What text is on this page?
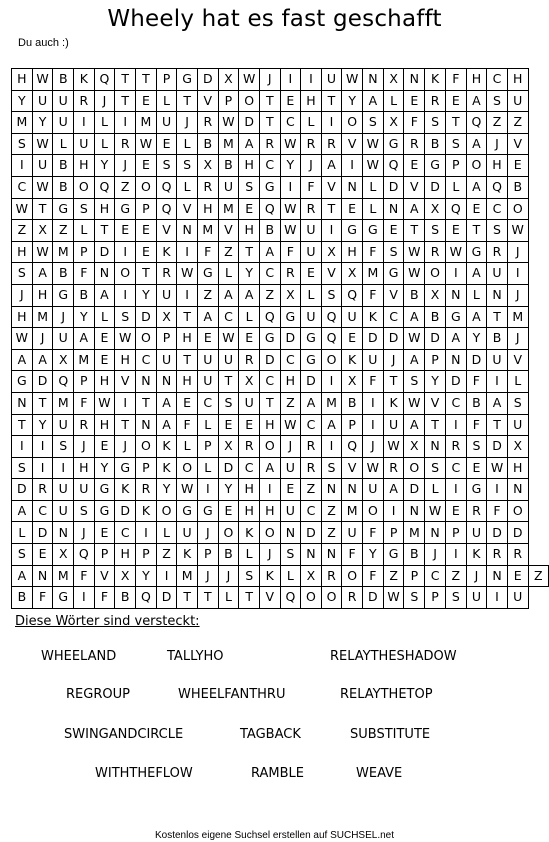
Wheely hat es fast geschafft
Du auch :)
H	W	B	K	Q	T	T	P	G	D	X	W	J	I	I	U	W	N	X	N	K	F	H	C	H	
Y	U	U	R	J	T	E	L	T	V	P	O	T	E	H	T	Y	A	L	E	R	E	A	S	U	
M	Y	U	I	L	I	M	U	J	R	W	D	T	C	L	I	O	S	X	F	S	T	Q	Z	Z	
S	W	L	U	L	R	W	E	L	B	M	A	R	W	R	R	V	W	G	R	B	S	A	J	V	
I	U	B	H	Y	J	E	S	S	X	B	H	C	Y	J	A	I	W	Q	E	G	P	O	H	E	
C	W	B	O	Q	Z	O	Q	L	R	U	S	G	I	F	V	N	L	D	V	D	L	A	Q	B	
W	T	G	S	H	G	P	Q	V	H	M	E	Q	W	R	T	E	L	N	A	X	Q	E	C	O	
Z	X	Z	L	T	E	E	V	N	M	V	H	B	W	U	I	G	G	E	T	S	E	T	S	W	
H	W	M	P	D	I	E	K	I	F	Z	T	A	F	U	X	H	F	S	W	R	W	G	R	J	
S	A	B	F	N	O	T	R	W	G	L	Y	C	R	E	V	X	M	G	W	O	I	A	U	I	
J	H	G	B	A	I	Y	U	I	Z	A	A	Z	X	L	S	Q	F	V	B	X	N	L	N	J	
H	M	J	Y	L	S	D	X	T	A	C	L	Q	G	U	Q	U	K	C	A	B	G	A	T	M	
W	J	U	A	E	W	O	P	H	E	W	E	G	D	G	Q	E	D	D	W	D	A	Y	B	J	
A	A	X	M	E	H	C	U	T	U	U	R	D	C	G	O	K	U	J	A	P	N	D	U	V	
G	D	Q	P	H	V	N	N	H	U	T	X	C	H	D	I	X	F	T	S	Y	D	F	I	L	
N	T	M	F	W	I	T	A	E	C	S	U	T	Z	A	M	B	I	K	W	V	C	B	A	S	
T	Y	U	R	H	T	N	A	F	L	E	E	H	W	C	A	P	I	U	A	T	I	F	T	U	
I	I	S	J	E	J	O	K	L	P	X	R	O	J	R	I	Q	J	W	X	N	R	S	D	X	
S	I	I	H	Y	G	P	K	O	L	D	C	A	U	R	S	V	W	R	O	S	C	E	W	H	
D	R	U	U	G	K	R	Y	W	I	Y	H	I	E	Z	N	N	U	A	D	L	I	G	I	N	
A	C	U	S	G	D	K	O	G	G	E	H	H	U	C	Z	M	O	I	N	W	E	R	F	O	
L	D	N	J	E	C	I	L	U	J	O	K	O	N	D	Z	U	F	P	M	N	P	U	D	D	
S	E	X	Q	P	H	P	Z	K	P	B	L	J	S	N	N	F	Y	G	B	J	I	K	R	R	
A	N	M	F	V	X	Y	I	M	J	J	S	K	L	X	R	O	F	Z	P	C	Z	J	N	E	Z
B	F	G	I	F	B	Q	D	T	T	L	T	V	Q	O	O	R	D	W	S	P	S	U	I	U	
Diese Wörter sind versteckt:
WHEELAND	TALLYHO	RELAYTHESHADOW
REGROUP	WHEELFANTHRU	RELAYTHETOP
SWINGANDCIRCLE	TAGBACK	SUBSTITUTE
WITHTHEFLOW	RAMBLE	WEAVE
Kostenlos eigene Suchsel erstellen auf SUCHSEL.net
